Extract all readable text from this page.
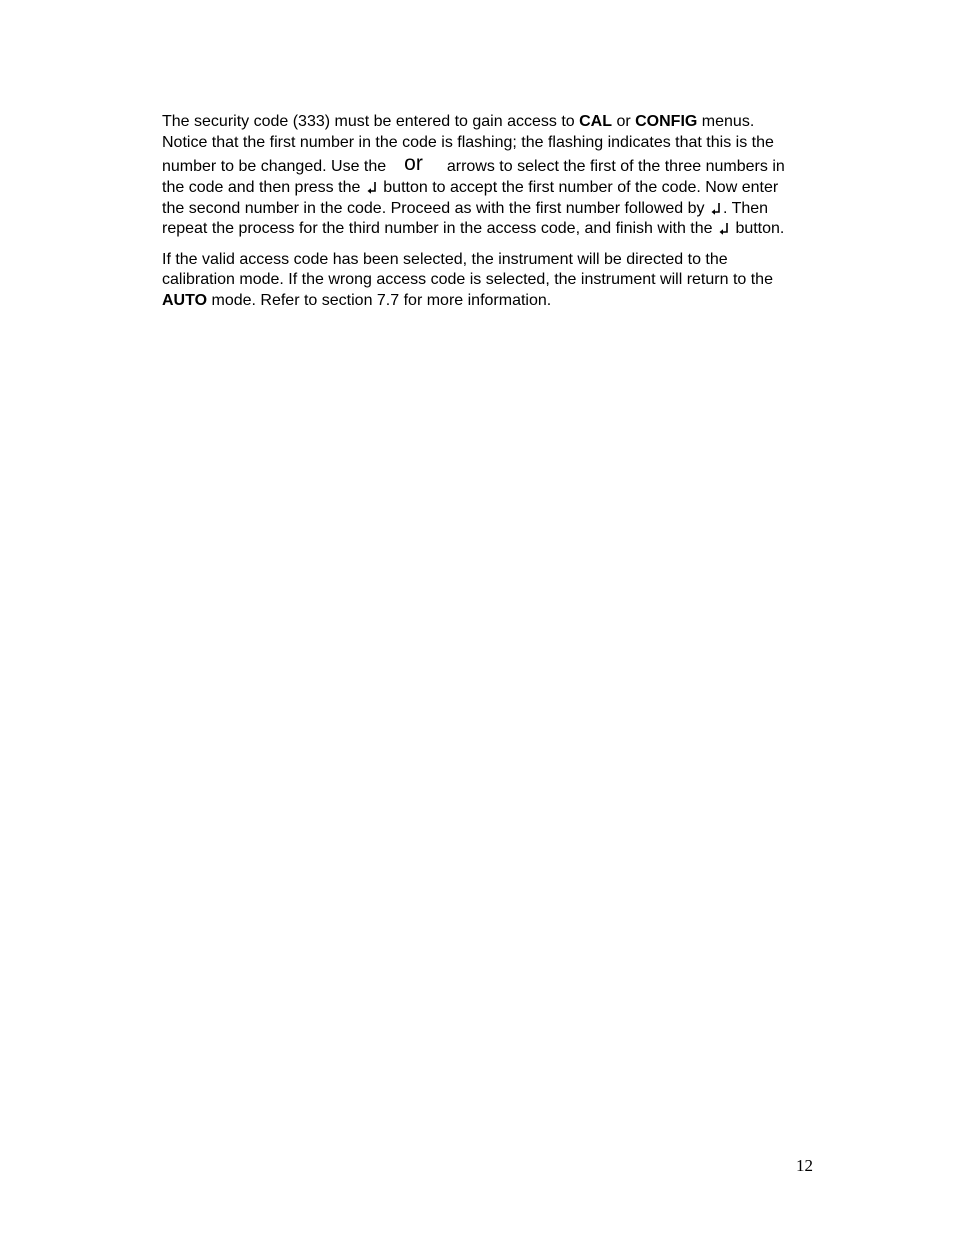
The security code (333) must be entered to gain access to CAL or CONFIG menus.
Notice that the first number in the code is flashing; the flashing indicates that this is the
number to be changed. Use the or arrows to select the first of the three numbers in
the code and then press the button to accept the first number of the code. Now enter
the second number in the code. Proceed as with the first number followed by . Then
repeat the process for the third number in the access code, and finish with the button.

If the valid access code has been selected, the instrument will be directed to the
calibration mode. If the wrong access code is selected, the instrument will return to the
AUTO mode. Refer to section 7.7 for more information.

12
